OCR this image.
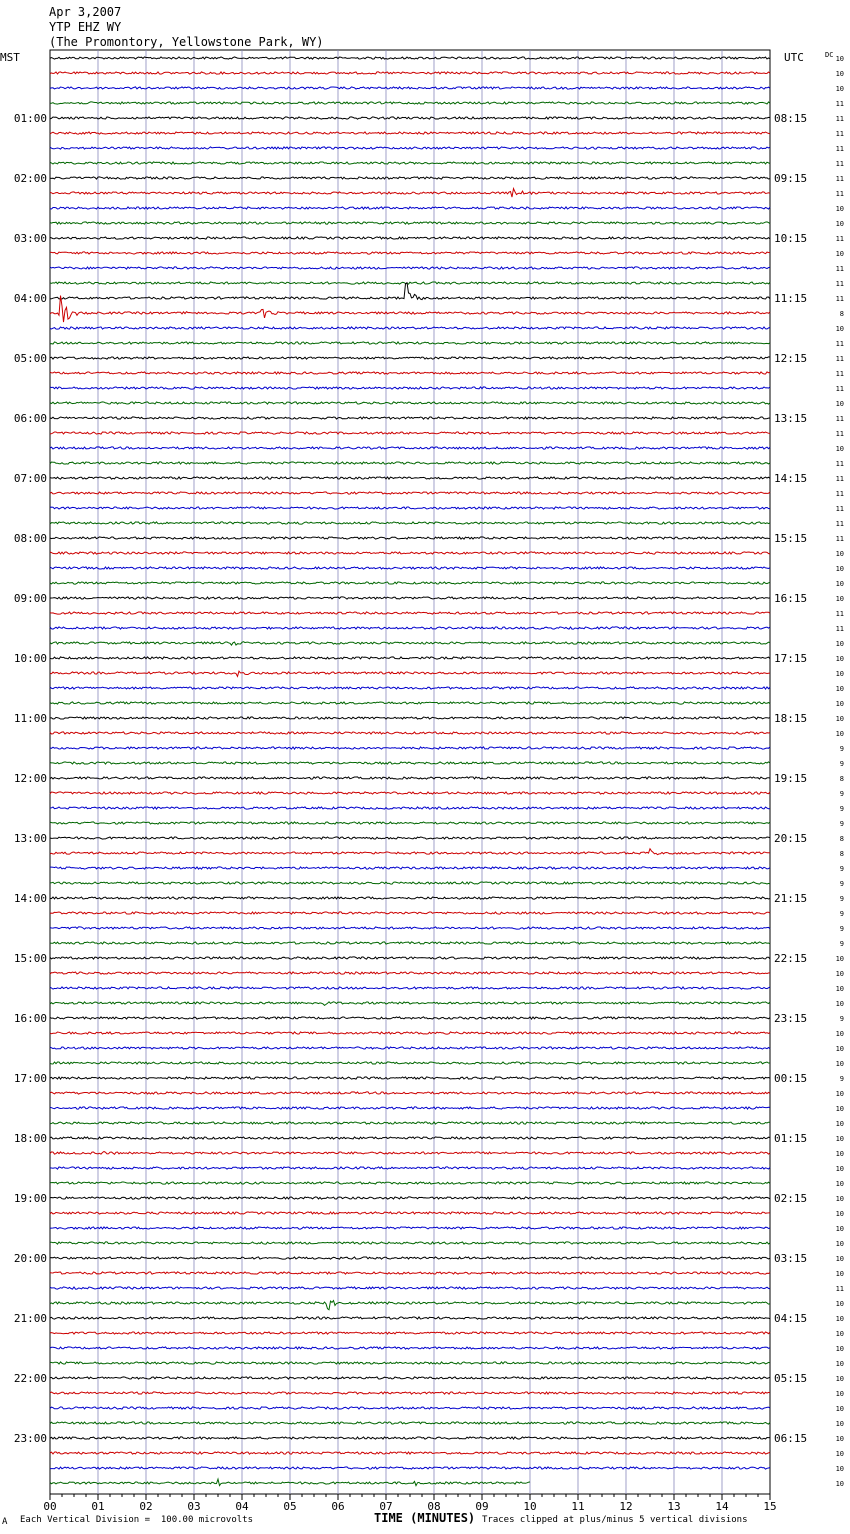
Apr 3,2007
YTP EHZ WY
(The Promontory, Yellowstone Park, WY)
00	01	02	03	04	05	06	07	08	09	10	11	12	13	14	15
MST	UTC	DC 10
10
10
11
11
11
11
11
11
11
10
10
11
10
11
11
11
8
10
11
11
11
11
10
11
11
10
11
11
11
11
11
11
10
10
10
10
11
11
10
10
10
10
10
10
10
9
9
8
9
9
9
8
8
9
9
9
9
9
9
10
10
10
10
9
10
10
10
9
10
10
10
10
10
10
10
10
10
10
10
10
10
11
10
10
10
10
10
10
10
10
10
10
10
10
10
01:00
02:00
03:00
04:00
05:00
06:00
07:00
08:00
09:00
10:00
11:00
12:00
13:00
14:00
15:00
16:00
17:00
18:00
19:00
20:00
21:00
22:00
23:00
08:15
09:15
10:15
11:15
12:15
13:15
14:15
15:15
16:15
17:15
18:15
19:15
20:15
21:15
22:15
23:15
00:15
01:15
02:15
03:15
04:15
05:15
06:15
A Each Vertical Division =  100.00 microvolts	TIME (MINUTES) Traces clipped at plus/minus 5 vertical divisions
